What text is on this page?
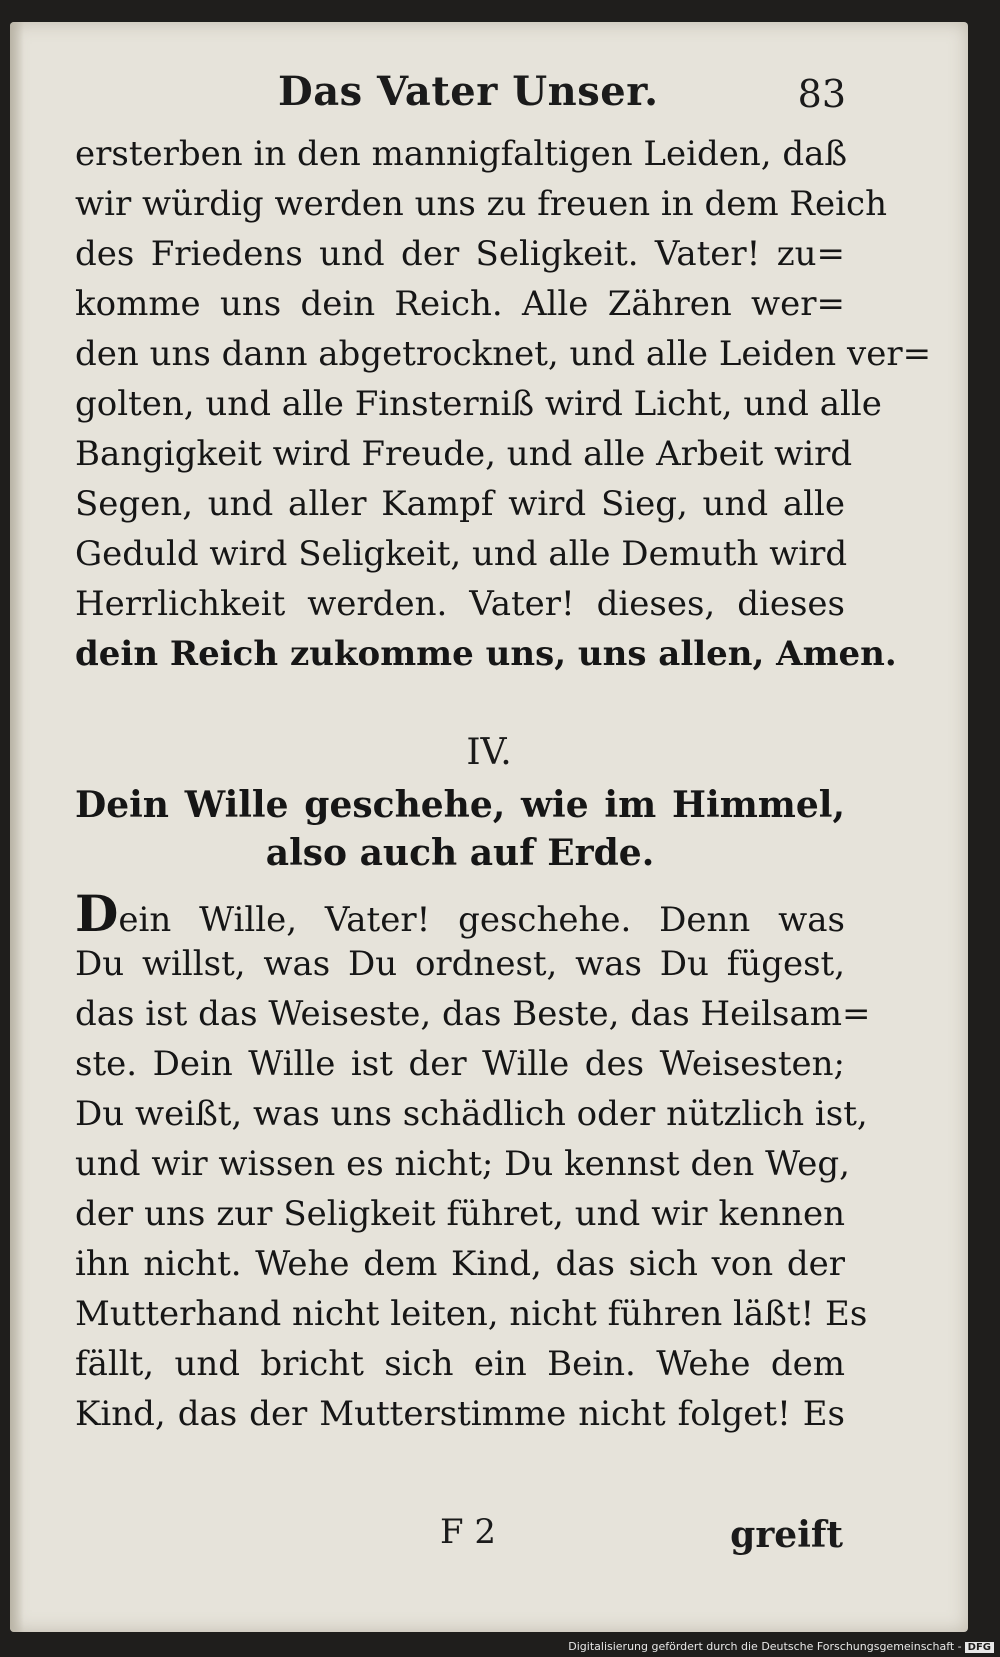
Das Vater Unser.	83
ersterben in den mannigfaltigen Leiden, daß
wir würdig werden uns zu freuen in dem Reich
des Friedens und der Seligkeit. Vater! zu=
komme uns dein Reich. Alle Zähren wer=
den uns dann abgetrocknet, und alle Leiden ver=
golten, und alle Finsterniß wird Licht, und alle
Bangigkeit wird Freude, und alle Arbeit wird
Segen, und aller Kampf wird Sieg, und alle
Geduld wird Seligkeit, und alle Demuth wird
Herrlichkeit werden. Vater! dieses, dieses
dein Reich zukomme uns, uns allen, Amen.
IV.
Dein Wille geschehe, wie im Himmel,
also auch auf Erde.
Dein Wille, Vater! geschehe. Denn was
Du willst, was Du ordnest, was Du fügest,
das ist das Weiseste, das Beste, das Heilsam=
ste. Dein Wille ist der Wille des Weisesten;
Du weißt, was uns schädlich oder nützlich ist,
und wir wissen es nicht; Du kennst den Weg,
der uns zur Seligkeit führet, und wir kennen
ihn nicht. Wehe dem Kind, das sich von der
Mutterhand nicht leiten, nicht führen läßt! Es
fällt, und bricht sich ein Bein. Wehe dem
Kind, das der Mutterstimme nicht folget! Es
F 2	greift
Digitalisierung gefördert durch die Deutsche Forschungsgemeinschaft - DFG
